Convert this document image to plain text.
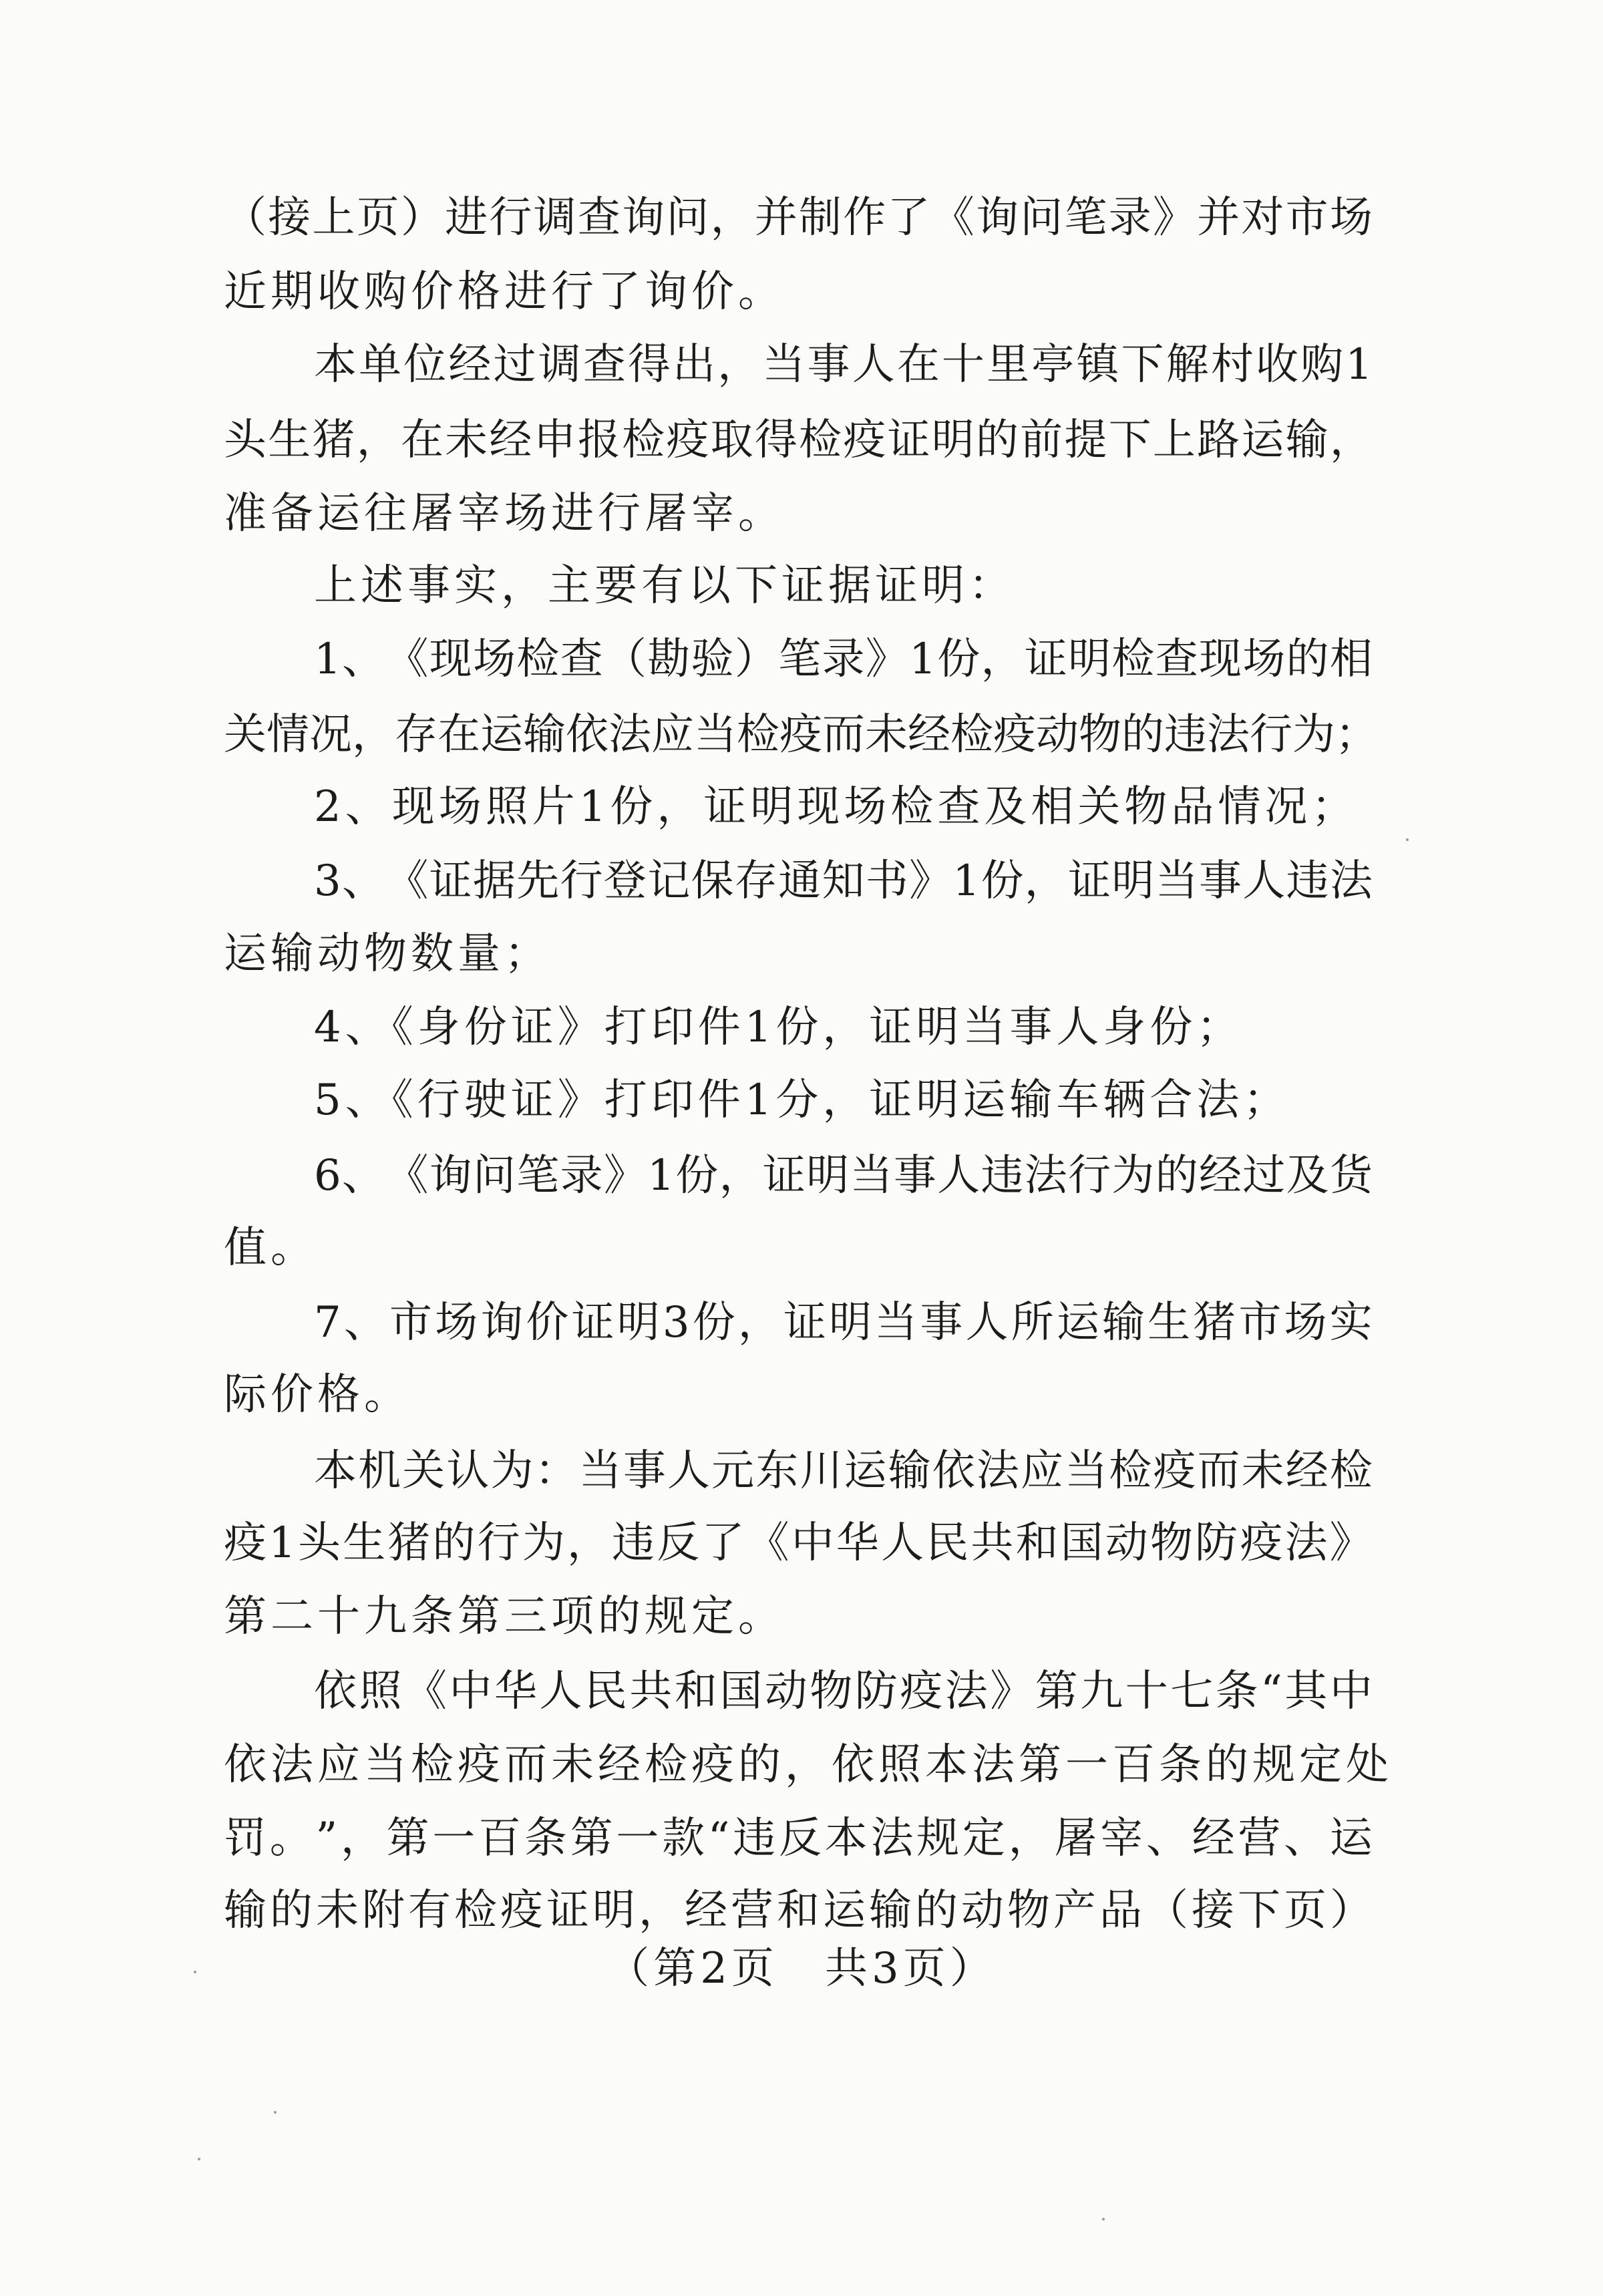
（ 接 上 页 ） 进 行 调 查 询 问 ， 并 制 作 了 《 询 问 笔 录 》 并 对 市 场
近期收购价格进行了询价。
本 单 位 经 过 调 查 得 出 ， 当 事 人 在 十 里 亭 镇 下 解 村 收 购 1
头 生 猪 ， 在 未 经 申 报 检 疫 取 得 检 疫 证 明 的 前 提 下 上 路 运 输 ，
准备运往屠宰场进行屠宰。
上述事实，主要有以下证据证明：
1 、 《 现 场 检 查 （ 勘 验 ） 笔 录 》 1 份 ， 证 明 检 查 现 场 的 相
关 情 况 ， 存 在 运 输 依 法 应 当 检 疫 而 未 经 检 疫 动 物 的 违 法 行 为 ；
2、现场照片1份，证明现场检查及相关物品情况；
3 、 《 证 据 先 行 登 记 保 存 通 知 书 》 1 份 ， 证 明 当 事 人 违 法
运输动物数量；
4、《身份证》打印件1份，证明当事人身份；
5、《行驶证》打印件1分，证明运输车辆合法；
6 、 《 询 问 笔 录 》 1 份 ， 证 明 当 事 人 违 法 行 为 的 经 过 及 货
值。
7 、 市 场 询 价 证 明 3 份 ， 证 明 当 事 人 所 运 输 生 猪 市 场 实
际价格。
本 机 关 认 为 ： 当 事 人 元 东 川 运 输 依 法 应 当 检 疫 而 未 经 检
疫 1 头 生 猪 的 行 为 ， 违 反 了 《 中 华 人 民 共 和 国 动 物 防 疫 法 》
第二十九条第三项的规定。
依 照 《 中 华 人 民 共 和 国 动 物 防 疫 法 》 第 九 十 七 条 “ 其 中
依法应当检疫而未经检疫的，依照本法第一百条的规定处
罚 。 ” ， 第 一 百 条 第 一 款 “ 违 反 本 法 规 定 ， 屠 宰 、 经 营 、 运
输 的 未 附 有 检 疫 证 明 ， 经 营 和 运 输 的 动 物 产 品 （ 接 下 页 ）
（第2页　共3页）
